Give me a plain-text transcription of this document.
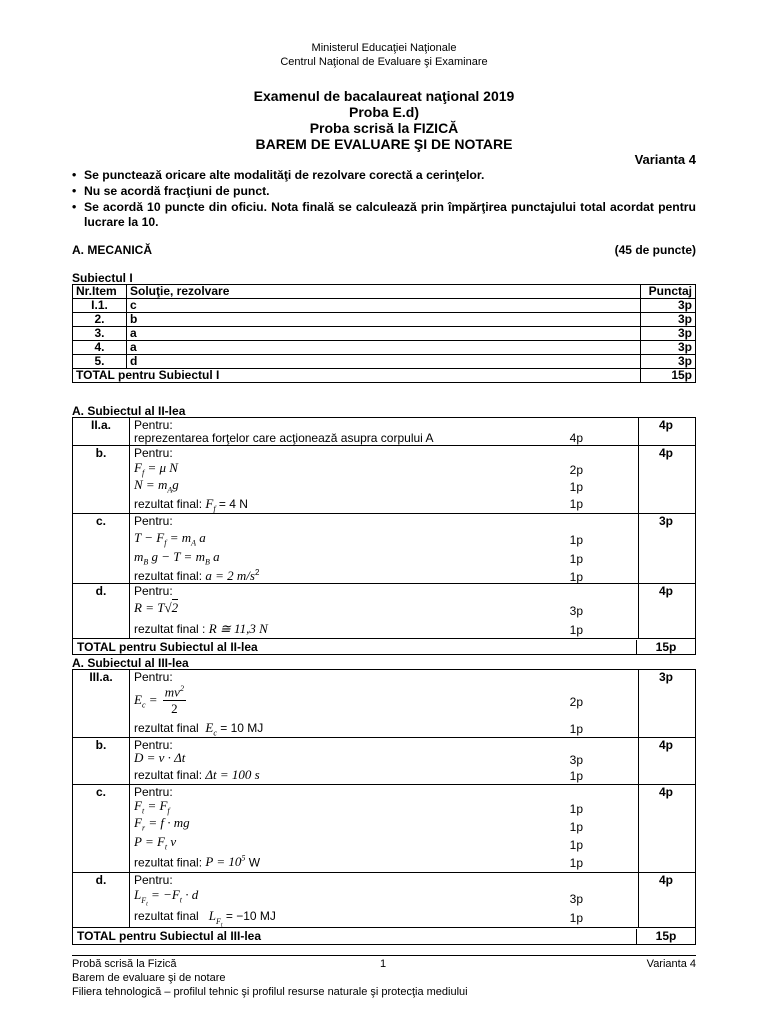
Ministerul Educaţiei Naţionale
Centrul Naţional de Evaluare şi Examinare
Examenul de bacalaureat naţional 2019
Proba E.d)
Proba scrisă la FIZICĂ
BAREM DE EVALUARE ŞI DE NOTARE
Varianta 4
• Se punctează oricare alte modalităţi de rezolvare corectă a cerinţelor.
• Nu se acordă fracţiuni de punct.
• Se acordă 10 puncte din oficiu. Nota finală se calculează prin împărţirea punctajului total acordat pentru lucrare la 10.
A. MECANICĂ	(45 de puncte)
Subiectul I
Nr.Item	Soluţie, rezolvare	Punctaj
I.1.	c	3p
2.	b	3p
3.	a	3p
4.	a	3p
5.	d	3p
TOTAL pentru Subiectul I		15p
A. Subiectul al II-lea
II.a.	Pentru:
reprezentarea forţelor care acţionează asupra corpului A	4p
4p
b.	Pentru:
$F_f = \mu$ N	2p
$N = m_Ag$	1p
rezultat final: $F_f = 4$ N	1p
4p
c.	Pentru:
$T - F_f = m_A$ a	1p
$m_B$ $g - T = m_B$ a	1p
rezultat final: a = 2 $m/s^2$	1p
3p
d.	Pentru:
R = T√2	3p
rezultat final : R ≅ 11,3 N	1p
4p
TOTAL pentru Subiectul al II-lea	15p
A. Subiectul al III-lea
III.a.	Pentru:
$E_c = \frac{mv^2}{2}$	2p
rezultat final $E_c = 10$ MJ	1p
3p
b.	Pentru:
D = v · Δt	3p
rezultat final: Δt = 100 s	1p
4p
c.	Pentru:
$F_t = F_f$	1p
$F_r = f$ · mg	1p
$P = F_t$ v	1p
rezultat final: $P = 10^5$ W	1p
4p
d.	Pentru:
$L_{F_t} = -F_t \cdot d$	3p
rezultat final $L_{F_t} = -10$ MJ	1p
4p
TOTAL pentru Subiectul al III-lea	15p
Probă scrisă la Fizică	1	Varianta 4
Barem de evaluare şi de notare
Filiera tehnologică – profilul tehnic şi profilul resurse naturale şi protecţia mediului
